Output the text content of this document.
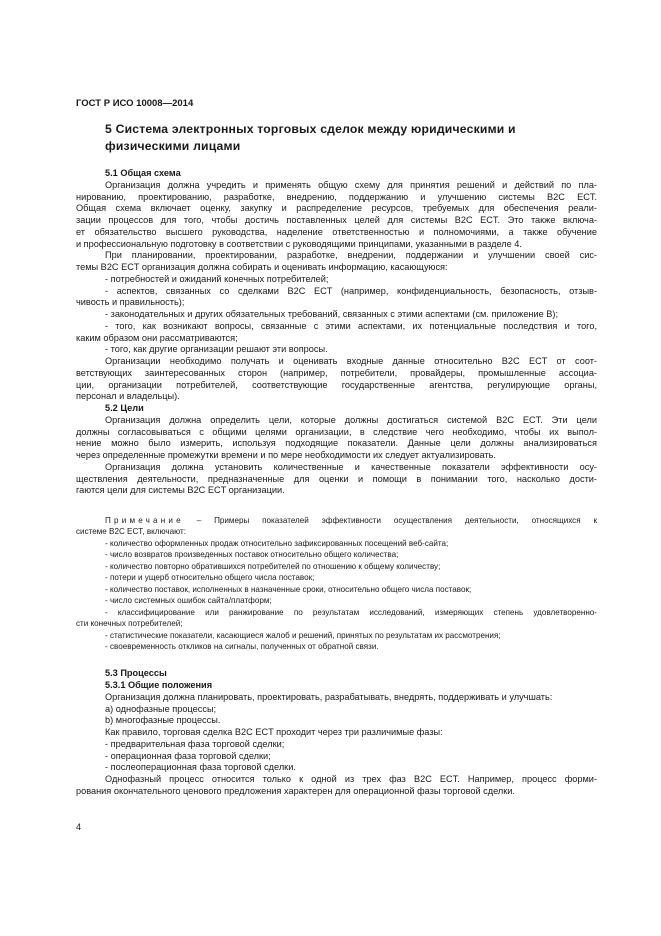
ГОСТ Р ИСО 10008—2014
5 Система электронных торговых сделок между юридическими и
физическими лицами
5.1 Общая схема
Организация должна учредить и применять общую схему для принятия решений и действий по пла-
нированию, проектированию, разработке, внедрению, поддержанию и улучшению системы B2C ECT.
Общая схема включает оценку, закупку и распределение ресурсов, требуемых для обеспечения реали-
зации процессов для того, чтобы достичь поставленных целей для системы B2C ECT. Это также включа-
ет обязательство высшего руководства, наделение ответственностью и полномочиями, а также обучение
и профессиональную подготовку в соответствии с руководящими принципами, указанными в разделе 4.
При планировании, проектировании, разработке, внедрении, поддержании и улучшении своей сис-
темы B2C ECT организация должна собирать и оценивать информацию, касающуюся:
- потребностей и ожиданий конечных потребителей;
- аспектов, связанных со сделками B2C ECT (например, конфиденциальность, безопасность, отзыв-
чивость и правильность);
- законодательных и других обязательных требований, связанных с этими аспектами (см. приложение В);
- того, как возникают вопросы, связанные с этими аспектами, их потенциальные последствия и того,
каким образом они рассматриваются;
- того, как другие организации решают эти вопросы.
Организации необходимо получать и оценивать входные данные относительно B2C ECT от соот-
ветствующих заинтересованных сторон (например, потребители, провайдеры, промышленные ассоциа-
ции, организации потребителей, соответствующие государственные агентства, регулирующие органы,
персонал и владельцы).
5.2 Цели
Организация должна определить цели, которые должны достигаться системой B2C ECT. Эти цели
должны согласовываться с общими целями организации, в следствие чего необходимо, чтобы их выпол-
нение можно было измерить, используя подходящие показатели. Данные цели должны анализироваться
через определенные промежутки времени и по мере необходимости их следует актуализировать.
Организация должна установить количественные и качественные показатели эффективности осу-
ществления деятельности, предназначенные для оценки и помощи в понимании того, насколько дости-
гаются цели для системы B2C ECT организации.
Примечание – Примеры показателей эффективности осуществления деятельности, относящихся к
системе B2C ECT, включают:
- количество оформленных продаж относительно зафиксированных посещений веб-сайта;
- число возвратов произведенных поставок относительно общего количества;
- количество повторно обратившихся потребителей по отношению к общему количеству;
- потери и ущерб относительно общего числа поставок;
- количество поставок, исполненных в назначенные сроки, относительно общего числа поставок;
- число системных ошибок сайта/платформ;
- классифицирование или ранжирование по результатам исследований, измеряющих степень удовлетворенно-
сти конечных потребителей;
- статистические показатели, касающиеся жалоб и решений, принятых по результатам их рассмотрения;
- своевременность откликов на сигналы, полученных от обратной связи.
5.3 Процессы
5.3.1 Общие положения
Организация должна планировать, проектировать, разрабатывать, внедрять, поддерживать и улучшать:
a) однофазные процессы;
b) многофазные процессы.
Как правило, торговая сделка B2C ECT проходит через три различимые фазы:
- предварительная фаза торговой сделки;
- операционная фаза торговой сделки;
- послеоперационная фаза торговой сделки.
Однофазный процесс относится только к одной из трех фаз B2C ECT. Например, процесс форми-
рования окончательного ценового предложения характерен для операционной фазы торговой сделки.
4
